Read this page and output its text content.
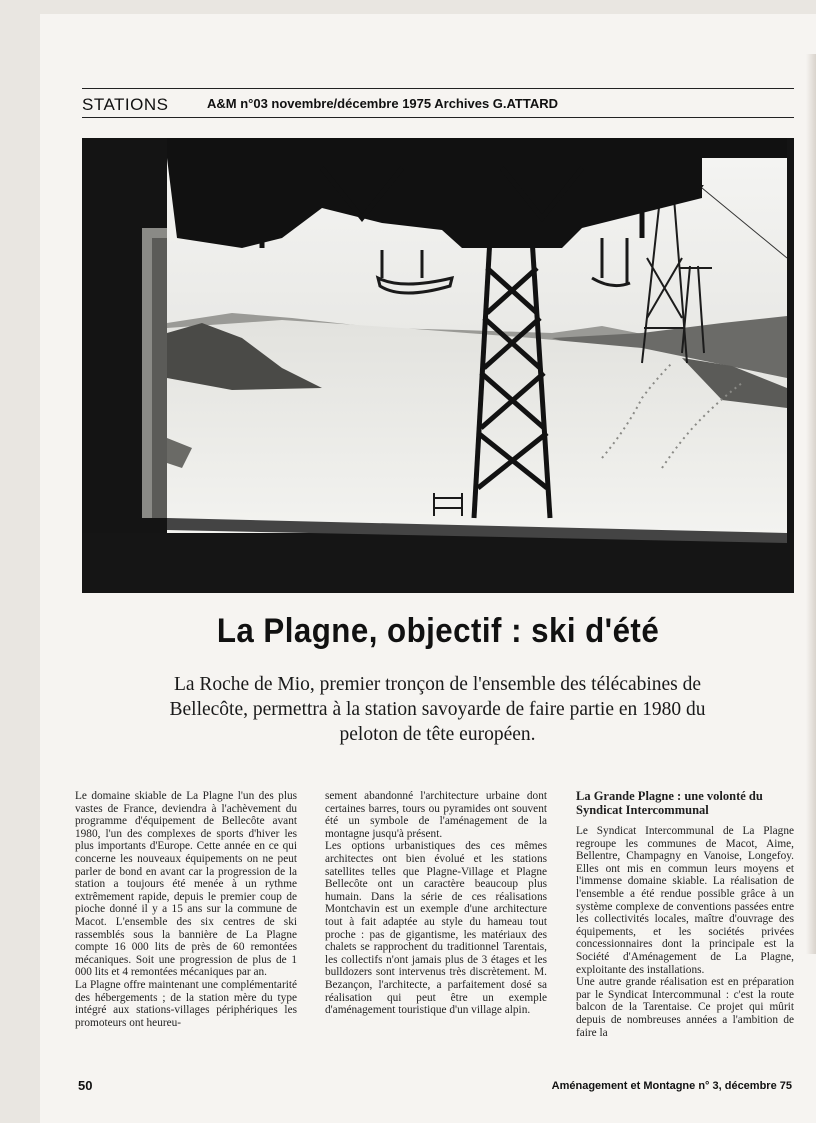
STATIONS	A&M n°03 novembre/décembre 1975 Archives G.ATTARD
La Plagne, objectif : ski d'été

La Roche de Mio, premier tronçon de l'ensemble des télécabines de Bellecôte, permettra à la station savoyarde de faire partie en 1980 du peloton de tête européen.

Le domaine skiable de La Plagne l'un des plus vastes de France, deviendra à l'achèvement du programme d'équipement de Bellecôte avant 1980, l'un des complexes de sports d'hiver les plus importants d'Europe. Cette année en ce qui concerne les nouveaux équipements on ne peut parler de bond en avant car la progression de la station a toujours été menée à un rythme extrêmement rapide, depuis le premier coup de pioche donné il y a 15 ans sur la commune de Macot. L'ensemble des six centres de ski rassemblés sous la bannière de La Plagne compte 16 000 lits de près de 60 remontées mécaniques. Soit une progression de plus de 1 000 lits et 4 remontées mécaniques par an.

La Plagne offre maintenant une complémentarité des hébergements ; de la station mère du type intégré aux stations-villages périphériques les promoteurs ont heureu-

sement abandonné l'architecture urbaine dont certaines barres, tours ou pyramides ont souvent été un symbole de l'aménagement de la montagne jusqu'à présent.

Les options urbanistiques des ces mêmes architectes ont bien évolué et les stations satellites telles que Plagne-Village et Plagne Bellecôte ont un caractère beaucoup plus humain. Dans la série de ces réalisations Montchavin est un exemple d'une architecture tout à fait adaptée au style du hameau tout proche : pas de gigantisme, les matériaux des chalets se rapprochent du traditionnel Tarentais, les collectifs n'ont jamais plus de 3 étages et les bulldozers sont intervenus très discrètement. M. Bezançon, l'architecte, a parfaitement dosé sa réalisation qui peut être un exemple d'aménagement touristique d'un village alpin.

La Grande Plagne : une volonté du Syndicat Intercommunal

Le Syndicat Intercommunal de La Plagne regroupe les communes de Macot, Aime, Bellentre, Champagny en Vanoise, Longefoy. Elles ont mis en commun leurs moyens et l'immense domaine skiable. La réalisation de l'ensemble a été rendue possible grâce à un système complexe de conventions passées entre les collectivités locales, maître d'ouvrage des équipements, et les sociétés privées concessionnaires dont la principale est la Société d'Aménagement de La Plagne, exploitante des installations.

Une autre grande réalisation est en préparation par le Syndicat Intercommunal : c'est la route balcon de la Tarentaise. Ce projet qui mûrit depuis de nombreuses années a l'ambition de faire la

50	Aménagement et Montagne n° 3, décembre 75
